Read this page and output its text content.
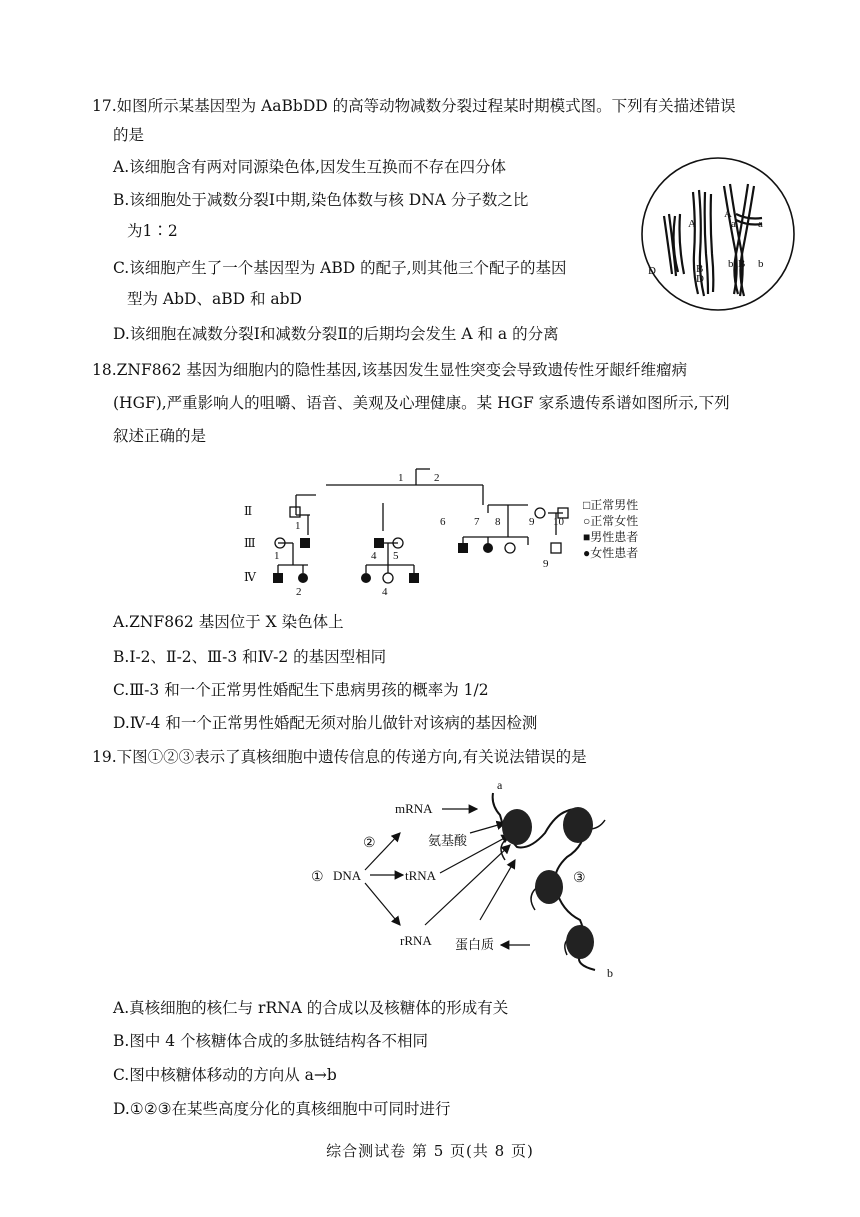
17.如图所示某基因型为 AaBbDD 的高等动物减数分裂过程某时期模式图。下列有关描述错误
的是
A.该细胞含有两对同源染色体,因发生互换而不存在四分体
B.该细胞处于减数分裂Ⅰ中期,染色体数与核 DNA 分子数之比
为1∶2
C.该细胞产生了一个基因型为 ABD 的配子,则其他三个配子的基因
型为 AbD、aBD 和 abD
D.该细胞在减数分裂Ⅰ和减数分裂Ⅱ的后期均会发生 A 和 a 的分离
A
A
a a
D	B
D
b B b
18.ZNF862 基因为细胞内的隐性基因,该基因发生显性突变会导致遗传性牙龈纤维瘤病
(HGF),严重影响人的咀嚼、语音、美观及心理健康。某 HGF 家系遗传系谱如图所示,下列
叙述正确的是
Ⅱ
Ⅲ
Ⅳ
1	2
1	6	7 8	9 10
1	4 5
9
2	4
□正常男性
○正常女性
■男性患者
●女性患者
A.ZNF862 基因位于 X 染色体上
B.Ⅰ-2、Ⅱ-2、Ⅲ-3 和Ⅳ-2 的基因型相同
C.Ⅲ-3 和一个正常男性婚配生下患病男孩的概率为 1/2
D.Ⅳ-4 和一个正常男性婚配无须对胎儿做针对该病的基因检测
19.下图①②③表示了真核细胞中遗传信息的传递方向,有关说法错误的是
mRNA
②	氨基酸
① DNA	tRNA	③
rRNA 蛋白质
a
b
A.真核细胞的核仁与 rRNA 的合成以及核糖体的形成有关
B.图中 4 个核糖体合成的多肽链结构各不相同
C.图中核糖体移动的方向从 a→b
D.①②③在某些高度分化的真核细胞中可同时进行
综合测试卷 第 5 页(共 8 页)
